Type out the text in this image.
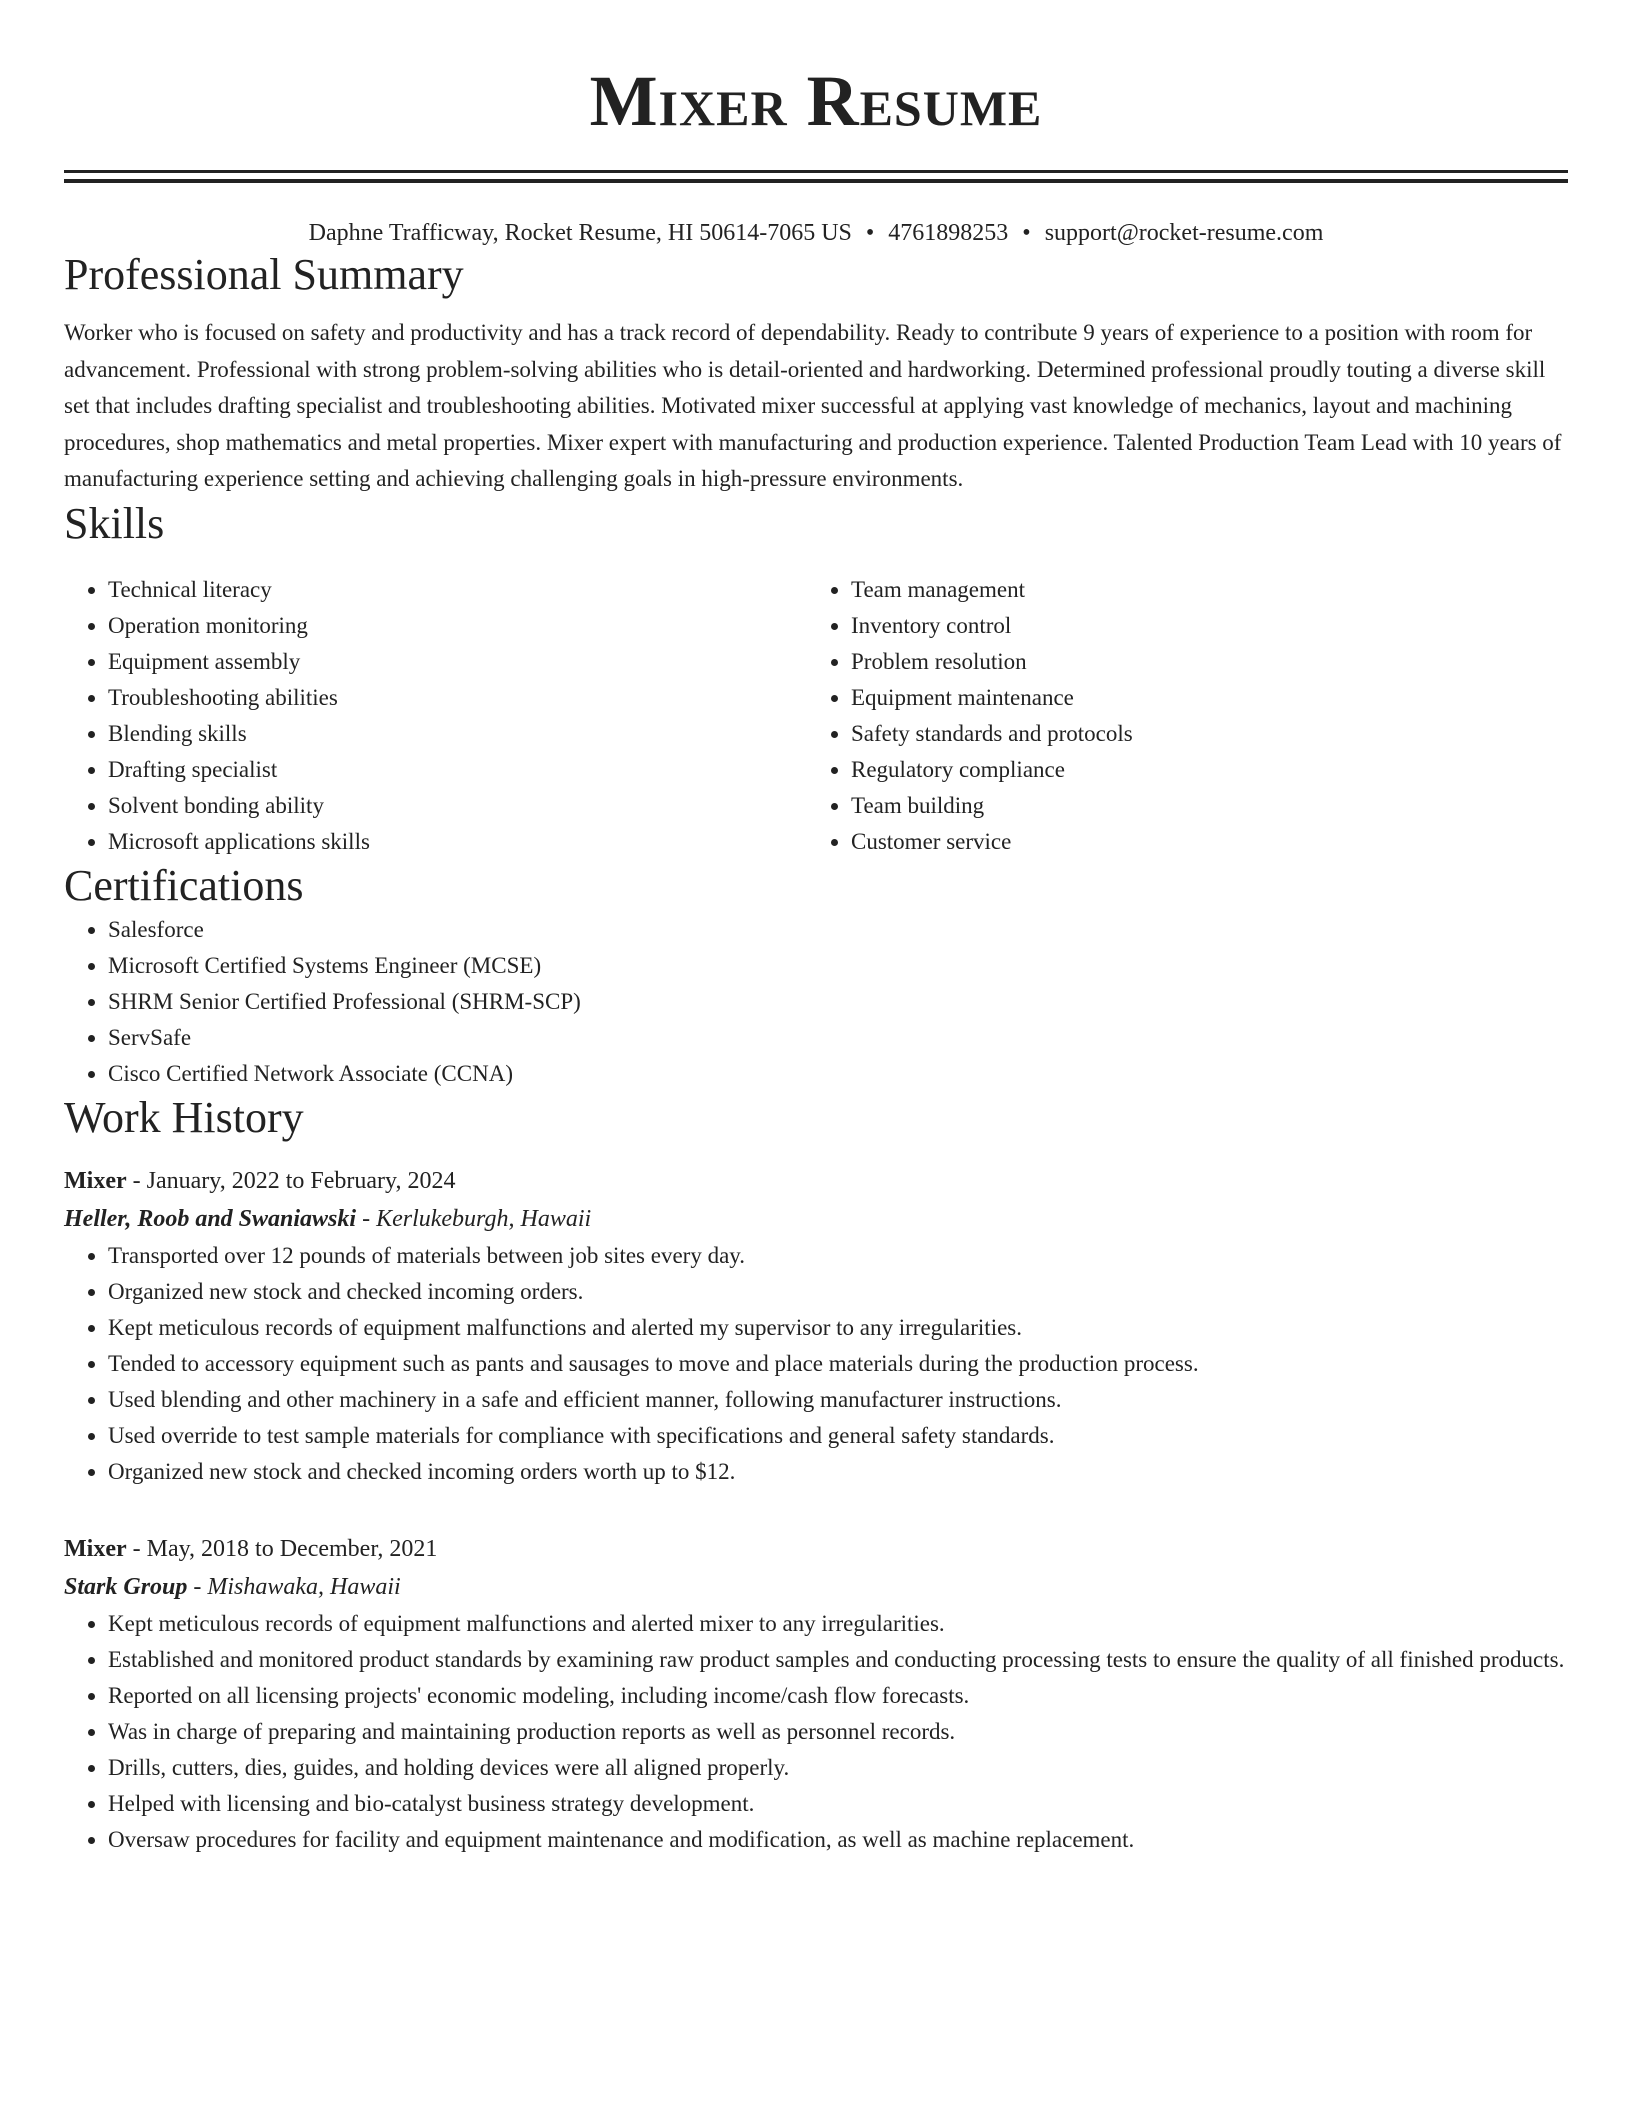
Mixer Resume
Daphne Trafficway, Rocket Resume, HI 50614-7065 US • 4761898253 • support@rocket-resume.com
Professional Summary

Worker who is focused on safety and productivity and has a track record of dependability. Ready to contribute 9 years of experience to a position with room for advancement. Professional with strong problem-solving abilities who is detail-oriented and hardworking. Determined professional proudly touting a diverse skill set that includes drafting specialist and troubleshooting abilities. Motivated mixer successful at applying vast knowledge of mechanics, layout and machining procedures, shop mathematics and metal properties. Mixer expert with manufacturing and production experience. Talented Production Team Lead with 10 years of manufacturing experience setting and achieving challenging goals in high-pressure environments.

Skills
• Technical literacy
• Operation monitoring
• Equipment assembly
• Troubleshooting abilities
• Blending skills
• Drafting specialist
• Solvent bonding ability
• Microsoft applications skills
• Team management
• Inventory control
• Problem resolution
• Equipment maintenance
• Safety standards and protocols
• Regulatory compliance
• Team building
• Customer service
Certifications
• Salesforce
• Microsoft Certified Systems Engineer (MCSE)
• SHRM Senior Certified Professional (SHRM-SCP)
• ServSafe
• Cisco Certified Network Associate (CCNA)
Work History
Mixer - January, 2022 to February, 2024
Heller, Roob and Swaniawski - Kerlukeburgh, Hawaii
• Transported over 12 pounds of materials between job sites every day.
• Organized new stock and checked incoming orders.
• Kept meticulous records of equipment malfunctions and alerted my supervisor to any irregularities.
• Tended to accessory equipment such as pants and sausages to move and place materials during the production process.
• Used blending and other machinery in a safe and efficient manner, following manufacturer instructions.
• Used override to test sample materials for compliance with specifications and general safety standards.
• Organized new stock and checked incoming orders worth up to $12.
Mixer - May, 2018 to December, 2021
Stark Group - Mishawaka, Hawaii
• Kept meticulous records of equipment malfunctions and alerted mixer to any irregularities.
• Established and monitored product standards by examining raw product samples and conducting processing tests to ensure the quality of all finished products.
• Reported on all licensing projects' economic modeling, including income/cash flow forecasts.
• Was in charge of preparing and maintaining production reports as well as personnel records.
• Drills, cutters, dies, guides, and holding devices were all aligned properly.
• Helped with licensing and bio-catalyst business strategy development.
• Oversaw procedures for facility and equipment maintenance and modification, as well as machine replacement.
